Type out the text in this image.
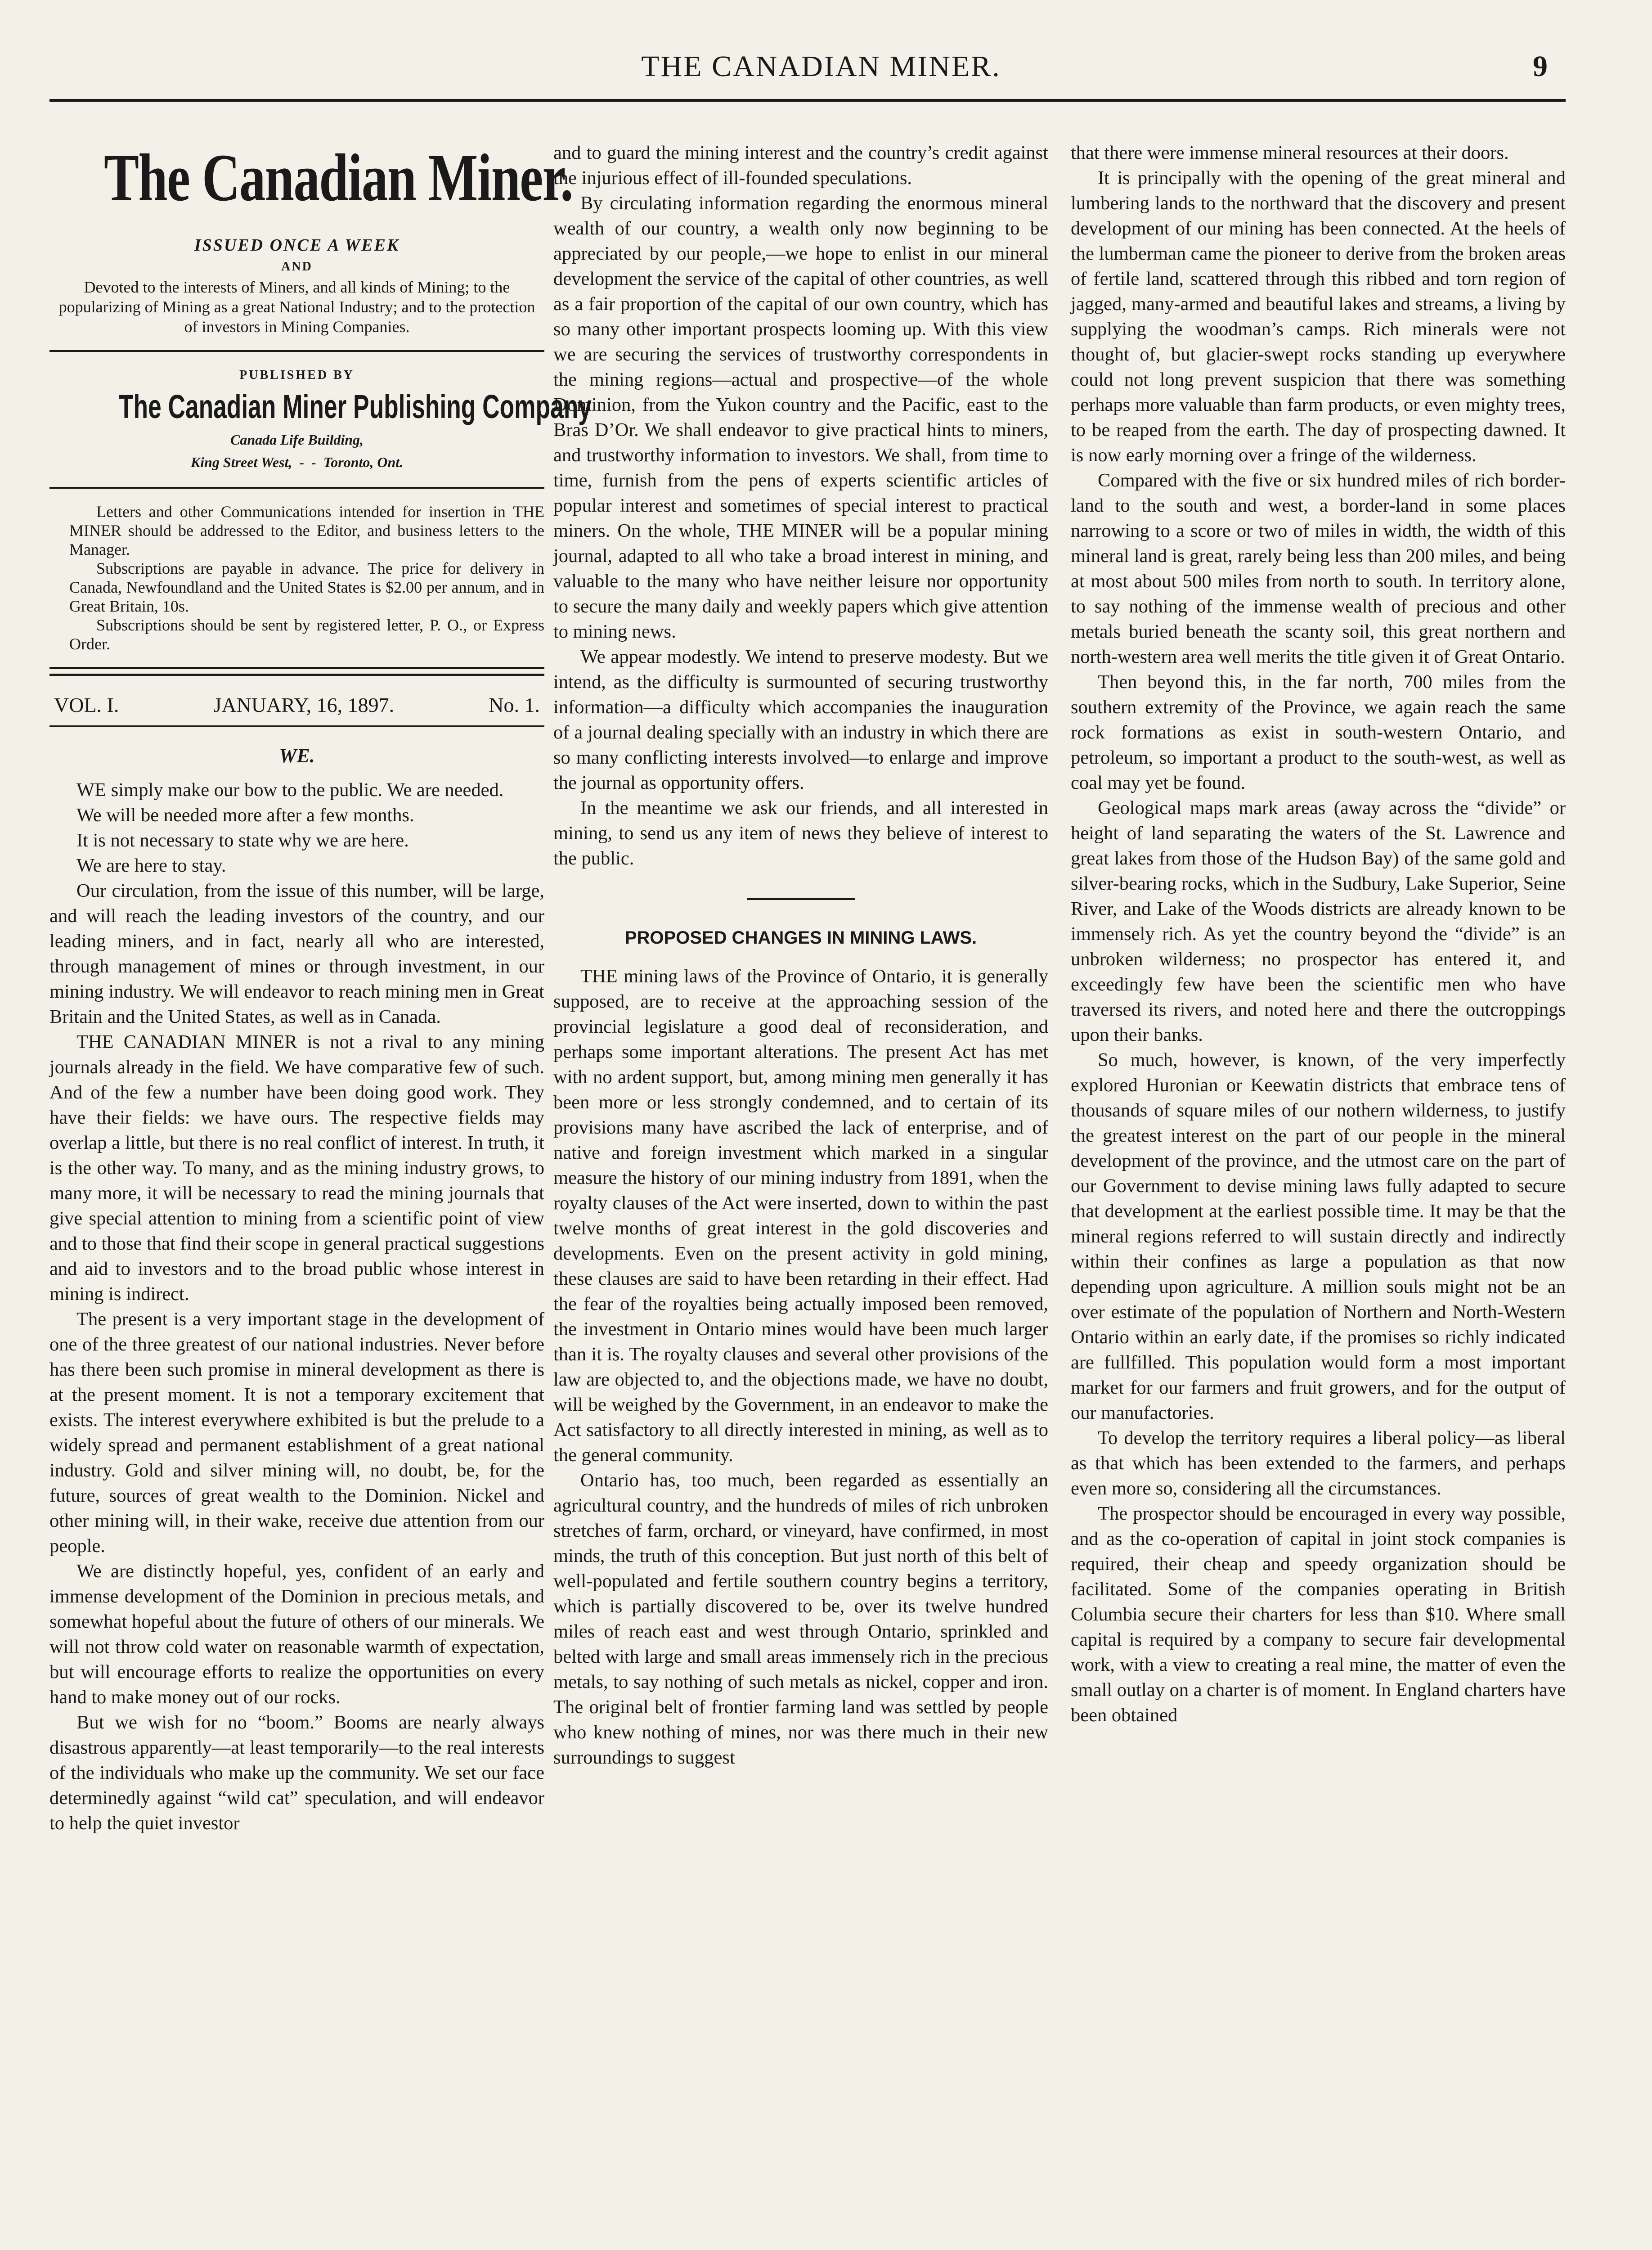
THE CANADIAN MINER.	9
The Canadian Miner.
ISSUED ONCE A WEEK
AND
Devoted to the interests of Miners, and all kinds of Mining; to the popularizing of Mining as a great National Industry; and to the protection of investors in Mining Companies.
PUBLISHED BY
The Canadian Miner Publishing Company
Canada Life Building,
King Street West,  -  -  Toronto, Ont.

Letters and other Communications intended for insertion in THE MINER should be addressed to the Editor, and business letters to the Manager.

Subscriptions are payable in advance. The price for delivery in Canada, Newfoundland and the United States is $2.00 per annum, and in Great Britain, 10s.

Subscriptions should be sent by registered letter, P. O., or Express Order.

VOL. I.	JANUARY, 16, 1897.	No. 1.
WE.

WE simply make our bow to the public. We are needed.

We will be needed more after a few months.

It is not necessary to state why we are here.

We are here to stay.

Our circulation, from the issue of this number, will be large, and will reach the leading investors of the country, and our leading miners, and in fact, nearly all who are interested, through management of mines or through investment, in our mining industry. We will endeavor to reach mining men in Great Britain and the United States, as well as in Canada.

THE CANADIAN MINER is not a rival to any mining journals already in the field. We have comparative few of such. And of the few a number have been doing good work. They have their fields: we have ours. The respective fields may overlap a little, but there is no real conflict of interest. In truth, it is the other way. To many, and as the mining industry grows, to many more, it will be necessary to read the mining journals that give special attention to mining from a scientific point of view and to those that find their scope in general practical suggestions and aid to investors and to the broad public whose interest in mining is indirect.

The present is a very important stage in the development of one of the three greatest of our national industries. Never before has there been such promise in mineral development as there is at the present moment. It is not a temporary excitement that exists. The interest everywhere exhibited is but the prelude to a widely spread and permanent establishment of a great national industry. Gold and silver mining will, no doubt, be, for the future, sources of great wealth to the Dominion. Nickel and other mining will, in their wake, receive due attention from our people.

We are distinctly hopeful, yes, confident of an early and immense development of the Dominion in precious metals, and somewhat hopeful about the future of others of our minerals. We will not throw cold water on reasonable warmth of expectation, but will encourage efforts to realize the opportunities on every hand to make money out of our rocks.

But we wish for no “boom.” Booms are nearly always disastrous apparently—at least temporarily—to the real interests of the individuals who make up the community. We set our face determinedly against “wild cat” speculation, and will endeavor to help the quiet investor

and to guard the mining interest and the country’s credit against the injurious effect of ill-founded speculations.

By circulating information regarding the enormous mineral wealth of our country, a wealth only now beginning to be appreciated by our people,—we hope to enlist in our mineral development the service of the capital of other countries, as well as a fair proportion of the capital of our own country, which has so many other important prospects looming up. With this view we are securing the services of trustworthy correspondents in the mining regions—actual and prospective—of the whole Dominion, from the Yukon country and the Pacific, east to the Bras D’Or. We shall endeavor to give practical hints to miners, and trustworthy information to investors. We shall, from time to time, furnish from the pens of experts scientific articles of popular interest and sometimes of special interest to practical miners. On the whole, THE MINER will be a popular mining journal, adapted to all who take a broad interest in mining, and valuable to the many who have neither leisure nor opportunity to secure the many daily and weekly papers which give attention to mining news.

We appear modestly. We intend to preserve modesty. But we intend, as the difficulty is surmounted of securing trustworthy information—a difficulty which accompanies the inauguration of a journal dealing specially with an industry in which there are so many conflicting interests involved—to enlarge and improve the journal as opportunity offers.

In the meantime we ask our friends, and all interested in mining, to send us any item of news they believe of interest to the public.

PROPOSED CHANGES IN MINING LAWS.

THE mining laws of the Province of Ontario, it is generally supposed, are to receive at the approaching session of the provincial legislature a good deal of reconsideration, and perhaps some important alterations. The present Act has met with no ardent support, but, among mining men generally it has been more or less strongly condemned, and to certain of its provisions many have ascribed the lack of enterprise, and of native and foreign investment which marked in a singular measure the history of our mining industry from 1891, when the royalty clauses of the Act were inserted, down to within the past twelve months of great interest in the gold discoveries and developments. Even on the present activity in gold mining, these clauses are said to have been retarding in their effect. Had the fear of the royalties being actually imposed been removed, the investment in Ontario mines would have been much larger than it is. The royalty clauses and several other provisions of the law are objected to, and the objections made, we have no doubt, will be weighed by the Government, in an endeavor to make the Act satisfactory to all directly interested in mining, as well as to the general community.

Ontario has, too much, been regarded as essentially an agricultural country, and the hundreds of miles of rich unbroken stretches of farm, orchard, or vineyard, have confirmed, in most minds, the truth of this conception. But just north of this belt of well-populated and fertile southern country begins a territory, which is partially discovered to be, over its twelve hundred miles of reach east and west through Ontario, sprinkled and belted with large and small areas immensely rich in the precious metals, to say nothing of such metals as nickel, copper and iron. The original belt of frontier farming land was settled by people who knew nothing of mines, nor was there much in their new surroundings to suggest

that there were immense mineral resources at their doors.

It is principally with the opening of the great mineral and lumbering lands to the northward that the discovery and present development of our mining has been connected. At the heels of the lumberman came the pioneer to derive from the broken areas of fertile land, scattered through this ribbed and torn region of jagged, many-armed and beautiful lakes and streams, a living by supplying the woodman’s camps. Rich minerals were not thought of, but glacier-swept rocks standing up everywhere could not long prevent suspicion that there was something perhaps more valuable than farm products, or even mighty trees, to be reaped from the earth. The day of prospecting dawned. It is now early morning over a fringe of the wilderness.

Compared with the five or six hundred miles of rich border-land to the south and west, a border-land in some places narrowing to a score or two of miles in width, the width of this mineral land is great, rarely being less than 200 miles, and being at most about 500 miles from north to south. In territory alone, to say nothing of the immense wealth of precious and other metals buried beneath the scanty soil, this great northern and north-western area well merits the title given it of Great Ontario.

Then beyond this, in the far north, 700 miles from the southern extremity of the Province, we again reach the same rock formations as exist in south-western Ontario, and petroleum, so important a product to the south-west, as well as coal may yet be found.

Geological maps mark areas (away across the “divide” or height of land separating the waters of the St. Lawrence and great lakes from those of the Hudson Bay) of the same gold and silver-bearing rocks, which in the Sudbury, Lake Superior, Seine River, and Lake of the Woods districts are already known to be immensely rich. As yet the country beyond the “divide” is an unbroken wilderness; no prospector has entered it, and exceedingly few have been the scientific men who have traversed its rivers, and noted here and there the outcroppings upon their banks.

So much, however, is known, of the very imperfectly explored Huronian or Keewatin districts that embrace tens of thousands of square miles of our nothern wilderness, to justify the greatest interest on the part of our people in the mineral development of the province, and the utmost care on the part of our Government to devise mining laws fully adapted to secure that development at the earliest possible time. It may be that the mineral regions referred to will sustain directly and indirectly within their confines as large a population as that now depending upon agriculture. A million souls might not be an over estimate of the population of Northern and North-Western Ontario within an early date, if the promises so richly indicated are fullfilled. This population would form a most important market for our farmers and fruit growers, and for the output of our manufactories.

To develop the territory requires a liberal policy—as liberal as that which has been extended to the farmers, and perhaps even more so, considering all the circumstances.

The prospector should be encouraged in every way possible, and as the co-operation of capital in joint stock companies is required, their cheap and speedy organization should be facilitated. Some of the companies operating in British Columbia secure their charters for less than $10. Where small capital is required by a company to secure fair developmental work, with a view to creating a real mine, the matter of even the small outlay on a charter is of moment. In England charters have been obtained
